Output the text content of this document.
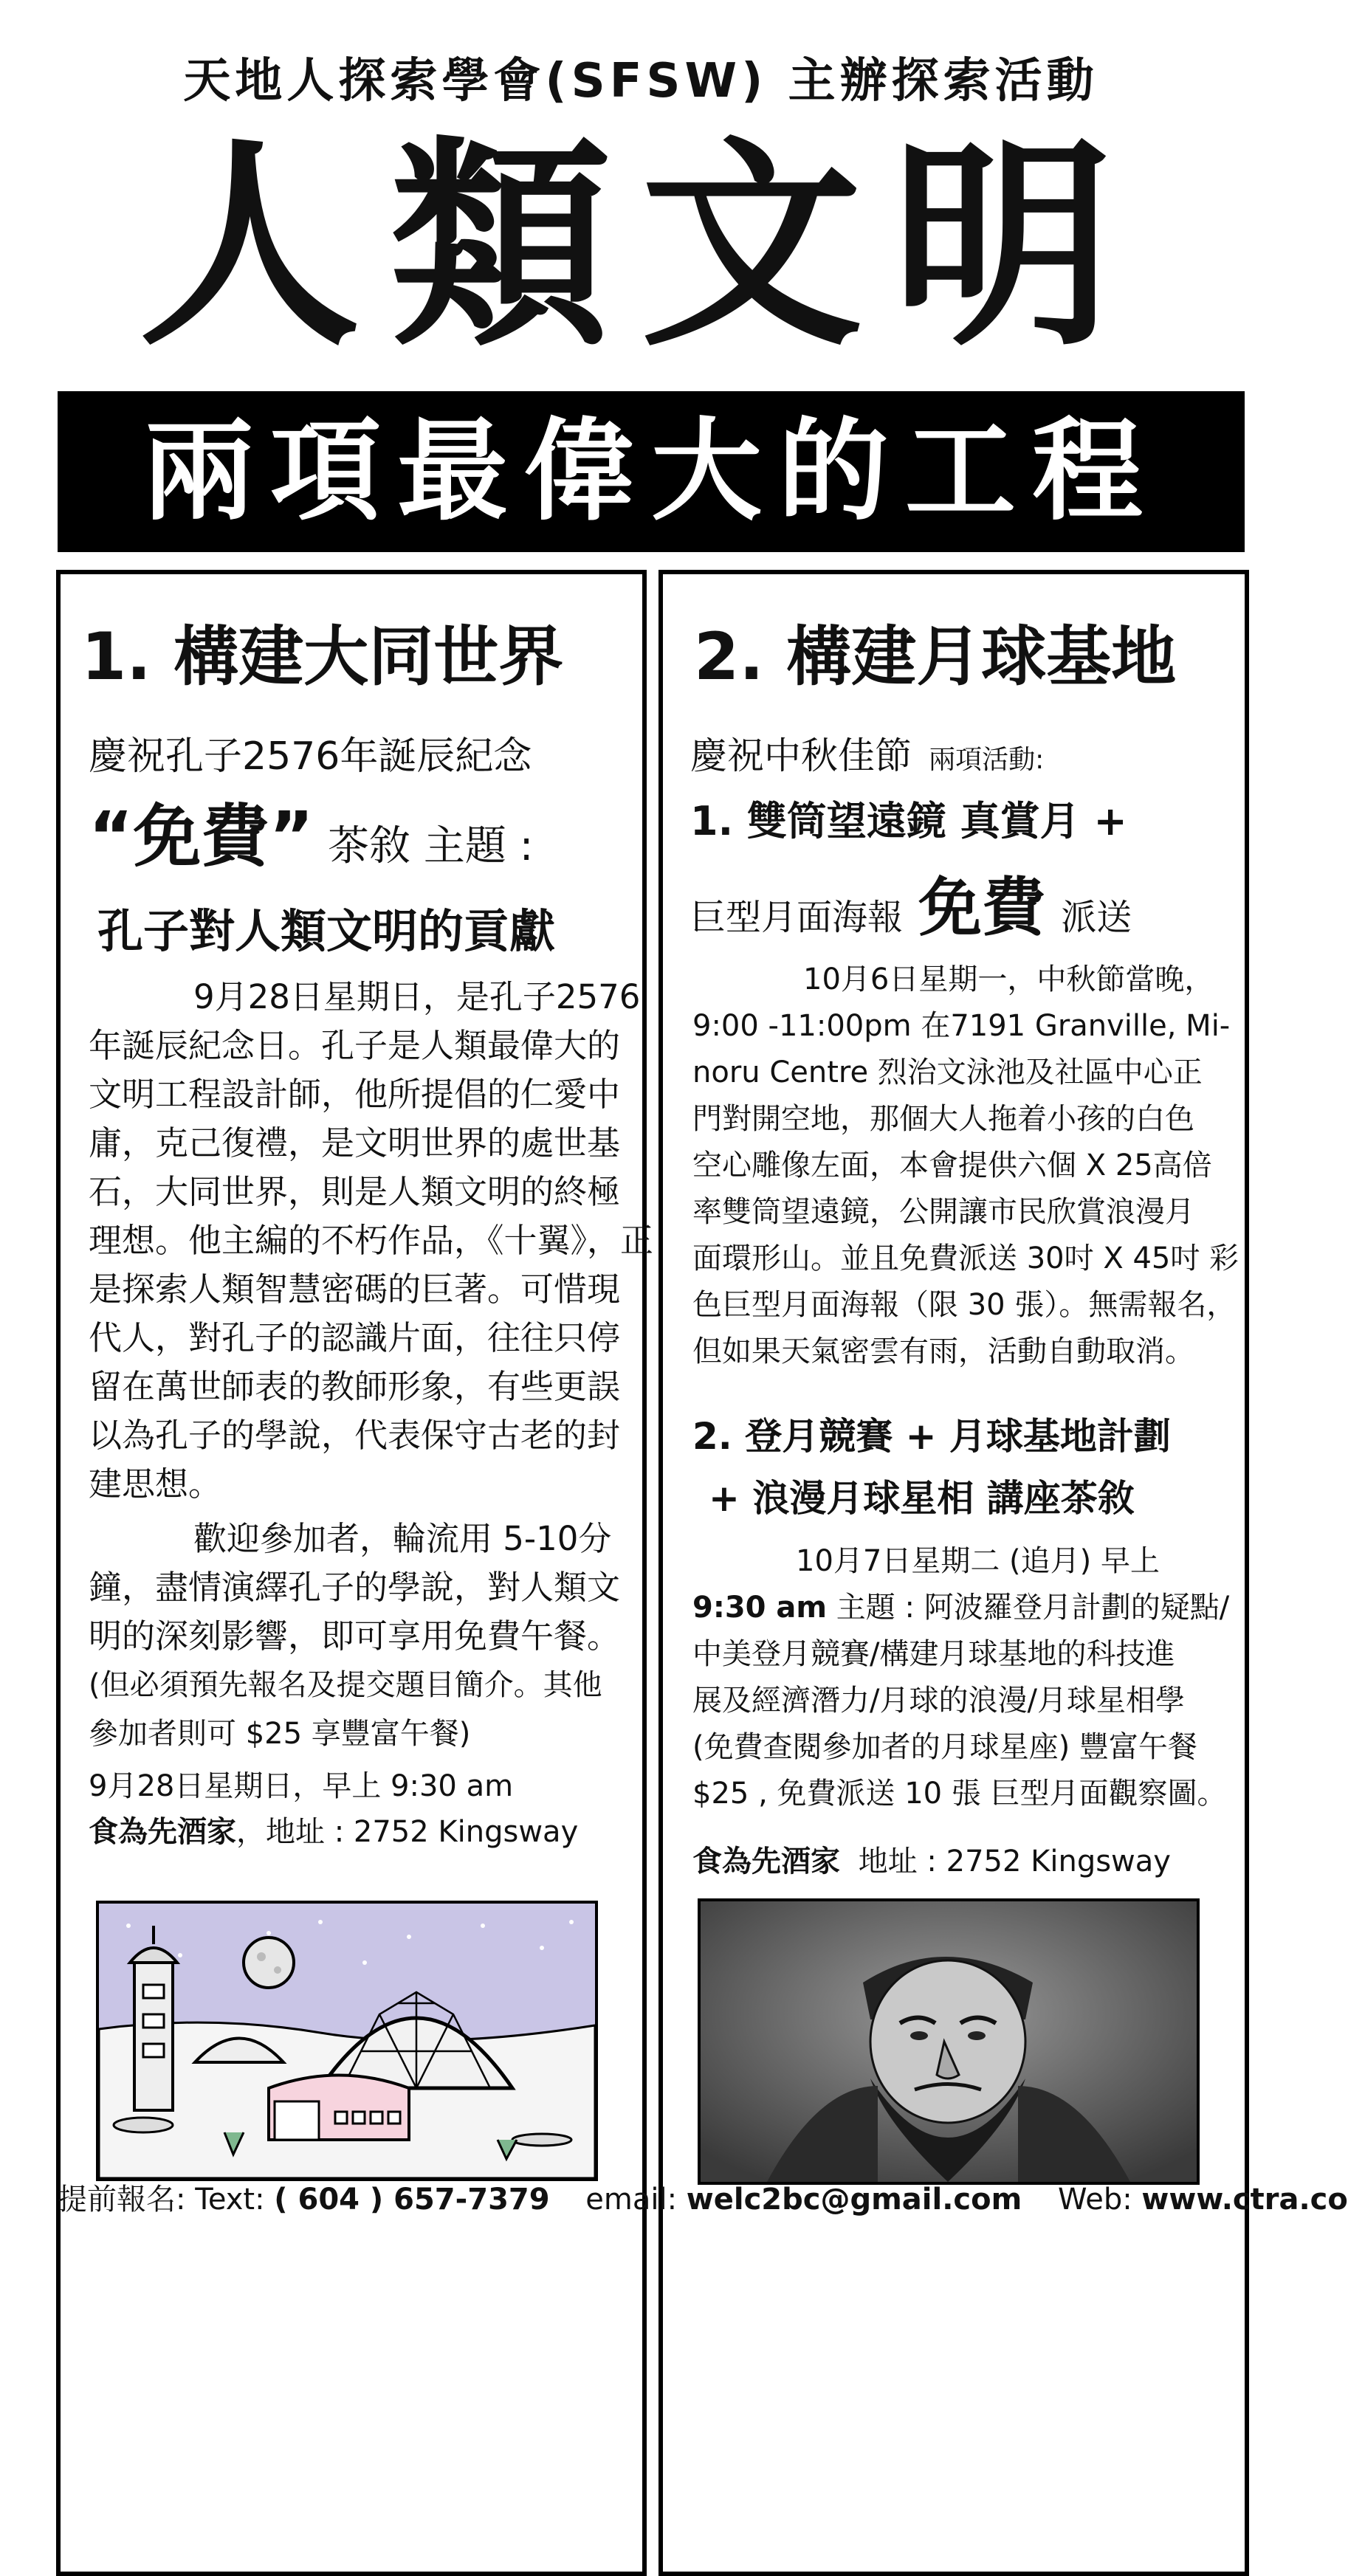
天地人探索學會(SFSW) 主辦探索活動
人類文明
兩項最偉大的工程
1. 構建大同世界
慶祝孔子2576年誕辰紀念
“免費” 茶敘 主題 :
孔子對人類文明的貢獻
9月28日星期日，是孔子2576
年誕辰紀念日。孔子是人類最偉大的
文明工程設計師，他所提倡的仁愛中
庸，克己復禮，是文明世界的處世基
石，大同世界，則是人類文明的終極
理想。他主編的不朽作品，《十翼》，正
是探索人類智慧密碼的巨著。可惜現
代人，對孔子的認識片面，往往只停
留在萬世師表的教師形象，有些更誤
以為孔子的學說，代表保守古老的封
建思想。
歡迎參加者，輪流用 5-10分
鐘，盡情演繹孔子的學說，對人類文
明的深刻影響，即可享用免費午餐。
(但必須預先報名及提交題目簡介。其他
參加者則可 $25 享豐富午餐)
9月28日星期日，早上 9:30 am
食為先酒家，地址 : 2752 Kingsway
2. 構建月球基地
慶祝中秋佳節 兩項活動:
1. 雙筒望遠鏡 真賞月 +
巨型月面海報 免費 派送
10月6日星期一，中秋節當晚，
9:00 -11:00pm 在7191 Granville, Mi-
noru Centre 烈治文泳池及社區中心正
門對開空地，那個大人拖着小孩的白色
空心雕像左面，本會提供六個 X 25高倍
率雙筒望遠鏡，公開讓市民欣賞浪漫月
面環形山。並且免費派送 30吋 X 45吋 彩
色巨型月面海報（限 30 張）。無需報名，
但如果天氣密雲有雨，活動自動取消。
2. 登月競賽 + 月球基地計劃
+ 浪漫月球星相 講座茶敘
10月7日星期二 (追月) 早上
9:30 am 主題 : 阿波羅登月計劃的疑點/
中美登月競賽/構建月球基地的科技進
展及經濟潛力/月球的浪漫/月球星相學
(免費查閱參加者的月球星座) 豐富午餐
$25 , 免費派送 10 張 巨型月面觀察圖。
食為先酒家 地址 : 2752 Kingsway
提前報名: Text: ( 604 ) 657-7379 email: welc2bc@gmail.com Web: www.ctra.co
